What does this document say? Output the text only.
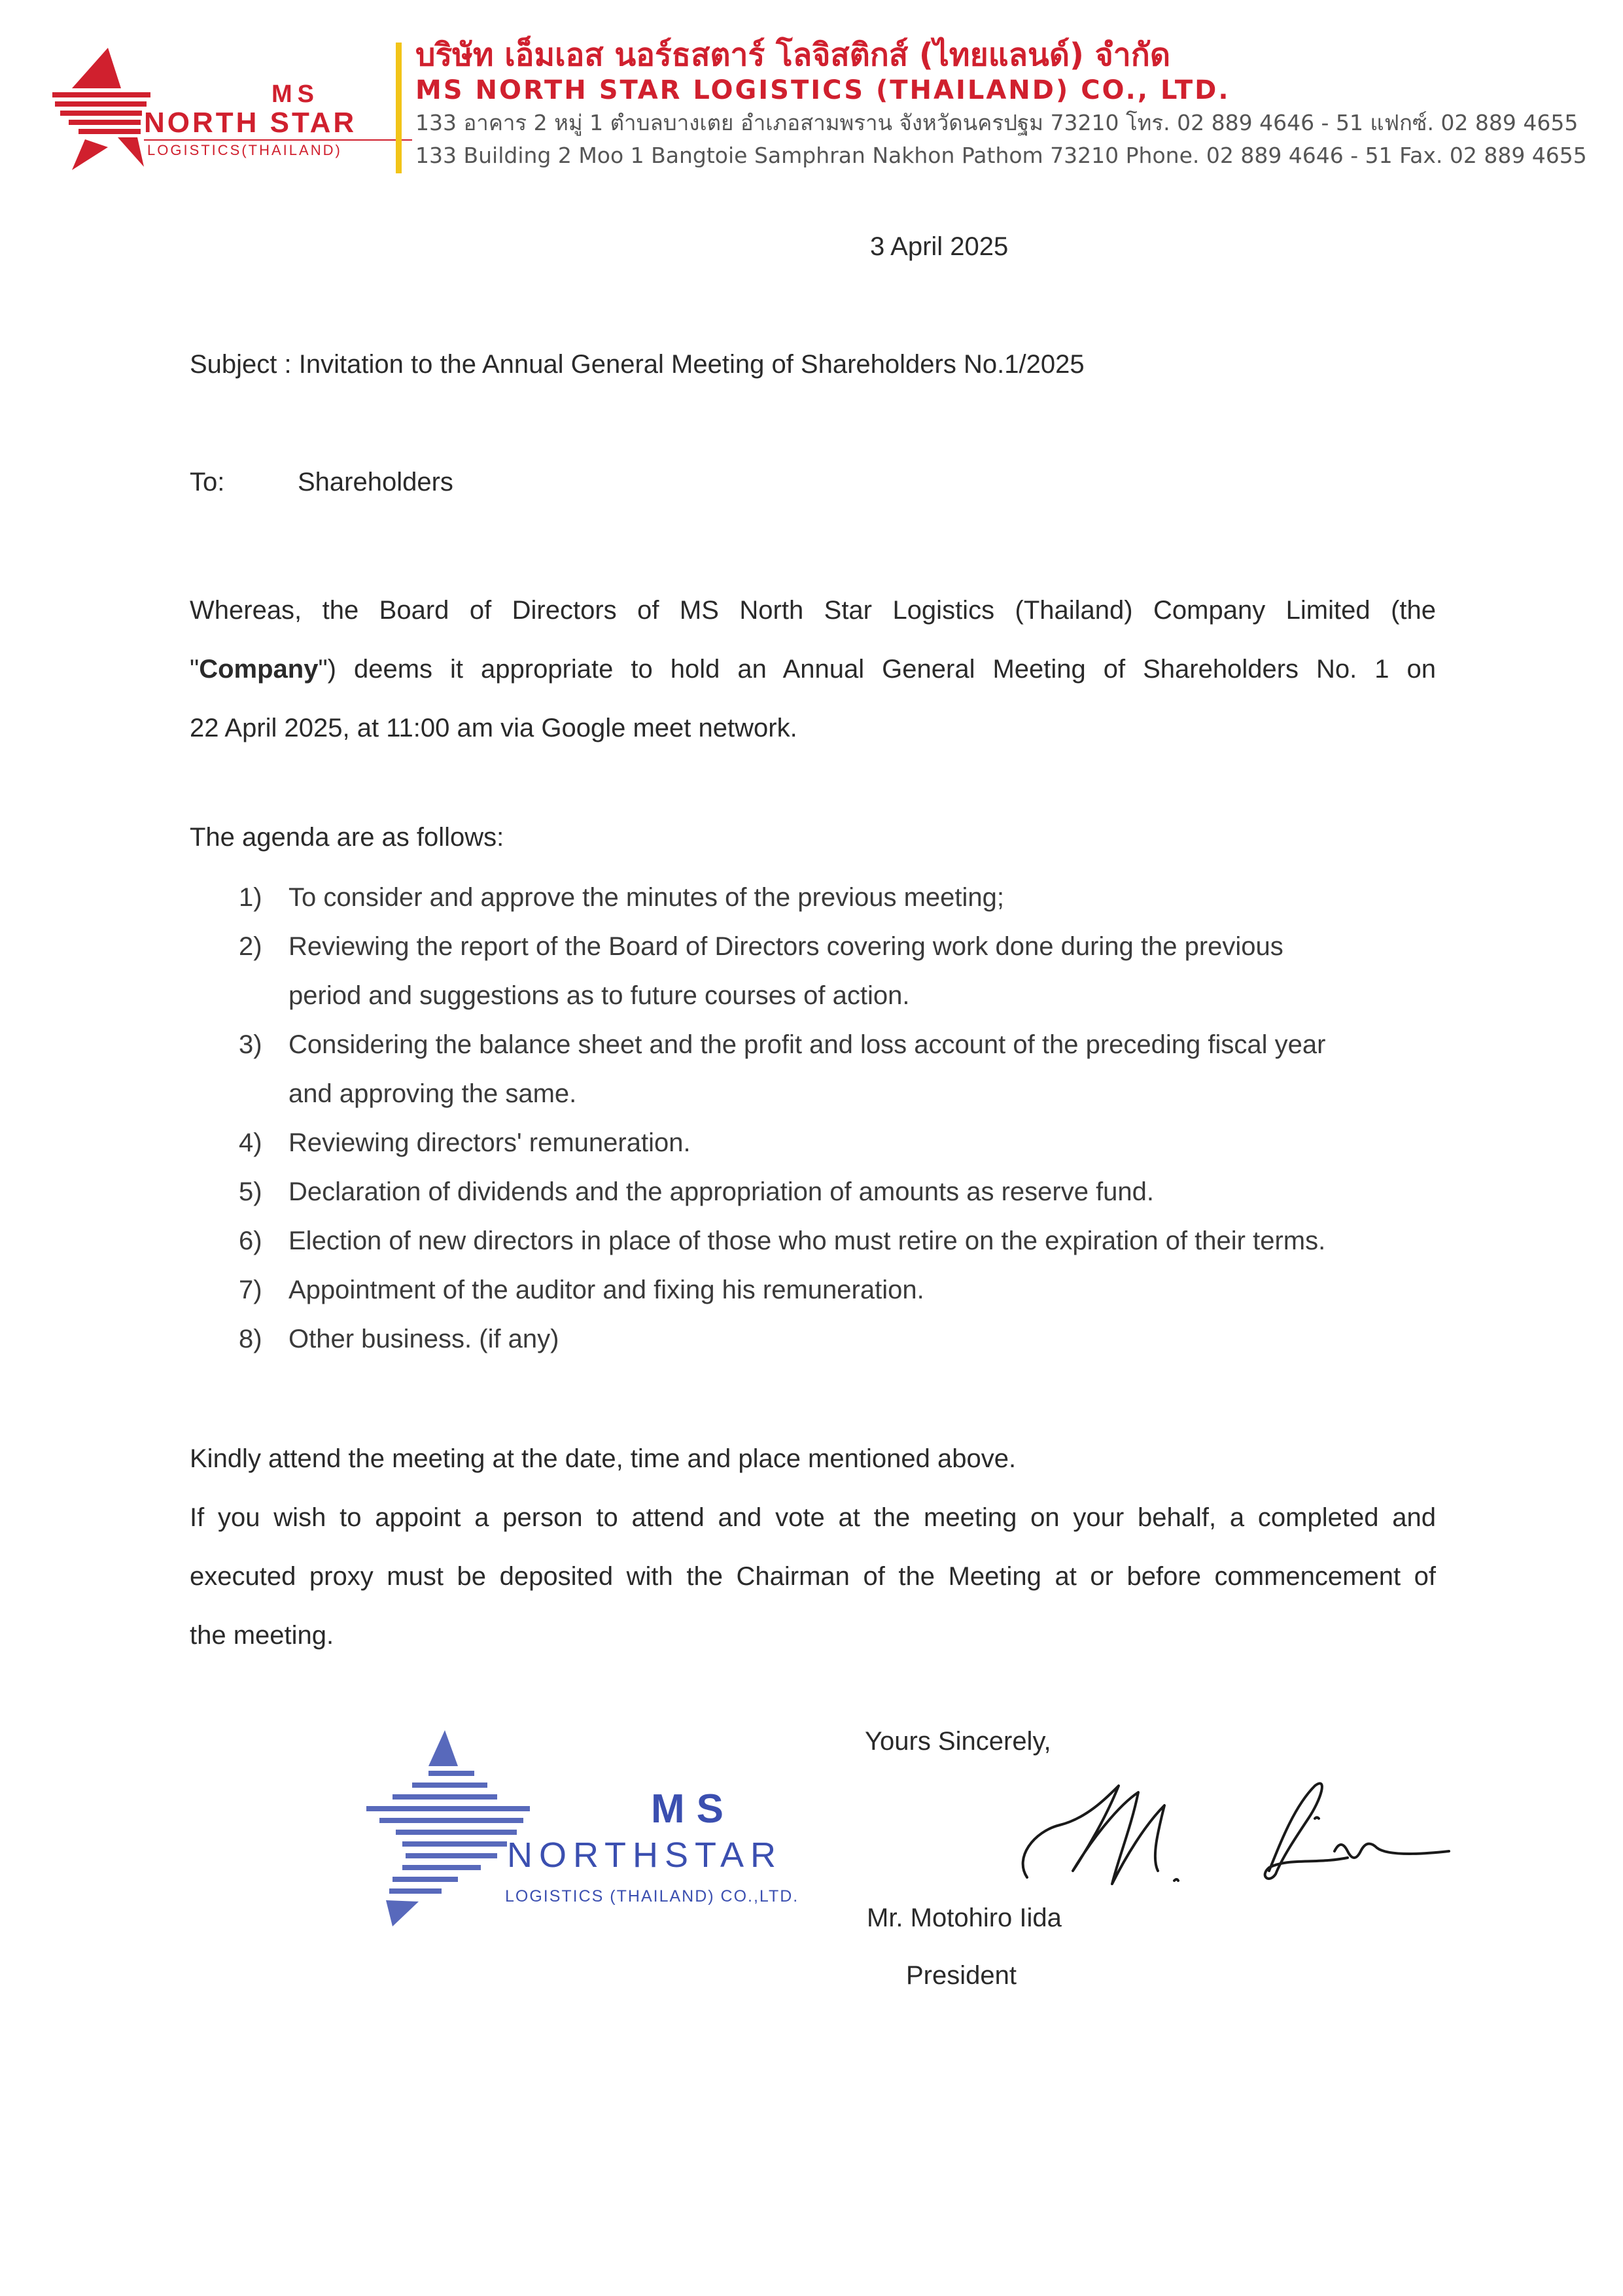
MS
NORTH STAR
LOGISTICS(THAILAND)
บริษัท เอ็มเอส นอร์ธสตาร์ โลจิสติกส์ (ไทยแลนด์) จำกัด
MS NORTH STAR LOGISTICS (THAILAND) CO., LTD.
133 อาคาร 2 หมู่ 1 ตำบลบางเตย อำเภอสามพราน จังหวัดนครปฐม 73210 โทร. 02 889 4646 - 51 แฟกซ์. 02 889 4655
133 Building 2 Moo 1 Bangtoie Samphran Nakhon Pathom 73210 Phone. 02 889 4646 - 51 Fax. 02 889 4655
3 April 2025
Subject : Invitation to the Annual General Meeting of Shareholders No.1/2025
To:	Shareholders
Whereas, the Board of Directors of MS North Star Logistics (Thailand) Company Limited (the
"Company") deems it appropriate to hold an Annual General Meeting of Shareholders No. 1 on
22 April 2025, at 11:00 am via Google meet network.
The agenda are as follows:
1) To consider and approve the minutes of the previous meeting;
2) Reviewing the report of the Board of Directors covering work done during the previous
period and suggestions as to future courses of action.
3) Considering the balance sheet and the profit and loss account of the preceding fiscal year
and approving the same.
4) Reviewing directors' remuneration.
5) Declaration of dividends and the appropriation of amounts as reserve fund.
6) Election of new directors in place of those who must retire on the expiration of their terms.
7) Appointment of the auditor and fixing his remuneration.
8) Other business. (if any)
Kindly attend the meeting at the date, time and place mentioned above.
If you wish to appoint a person to attend and vote at the meeting on your behalf, a completed and
executed proxy must be deposited with the Chairman of the Meeting at or before commencement of
the meeting.
MS
NORTHSTAR
LOGISTICS (THAILAND) CO.,LTD.
Yours Sincerely,
Mr. Motohiro Iida
President
